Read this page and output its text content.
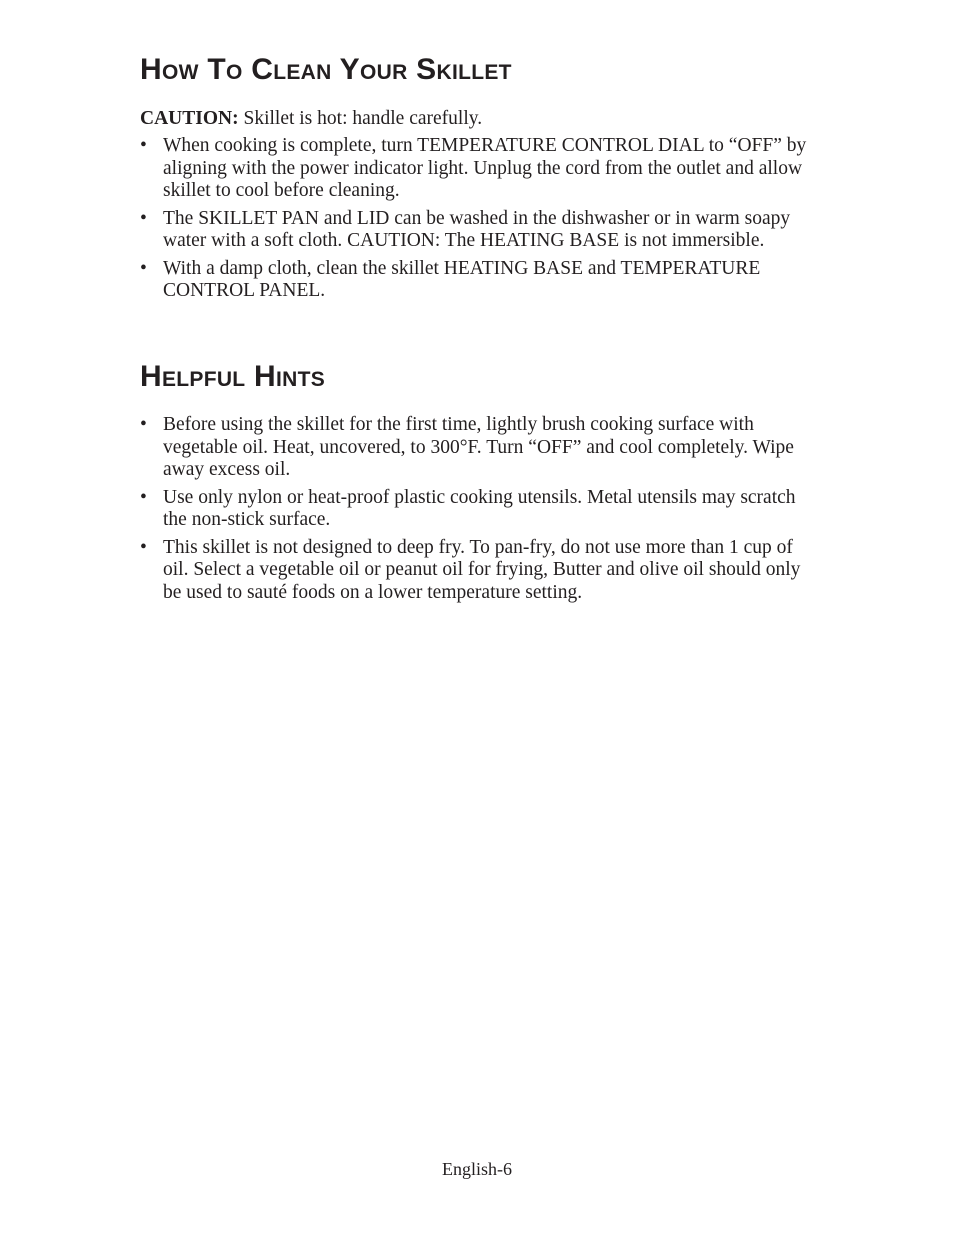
How To Clean Your Skillet

CAUTION: Skillet is hot: handle carefully.

• When cooking is complete, turn TEMPERATURE CONTROL DIAL to “OFF” by aligning with the power indicator light. Unplug the cord from the outlet and allow skillet to cool before cleaning.
• The SKILLET PAN and LID can be washed in the dishwasher or in warm soapy water with a soft cloth. CAUTION: The HEATING BASE is not immersible.
• With a damp cloth, clean the skillet HEATING BASE and TEMPERATURE CONTROL PANEL.
Helpful Hints
• Before using the skillet for the first time, lightly brush cooking surface with vegetable oil. Heat, uncovered, to 300°F. Turn “OFF” and cool completely. Wipe away excess oil.
• Use only nylon or heat-proof plastic cooking utensils. Metal utensils may scratch the non-stick surface.
• This skillet is not designed to deep fry. To pan-fry, do not use more than 1 cup of oil. Select a vegetable oil or peanut oil for frying, Butter and olive oil should only be used to sauté foods on a lower temperature setting.
English-6
